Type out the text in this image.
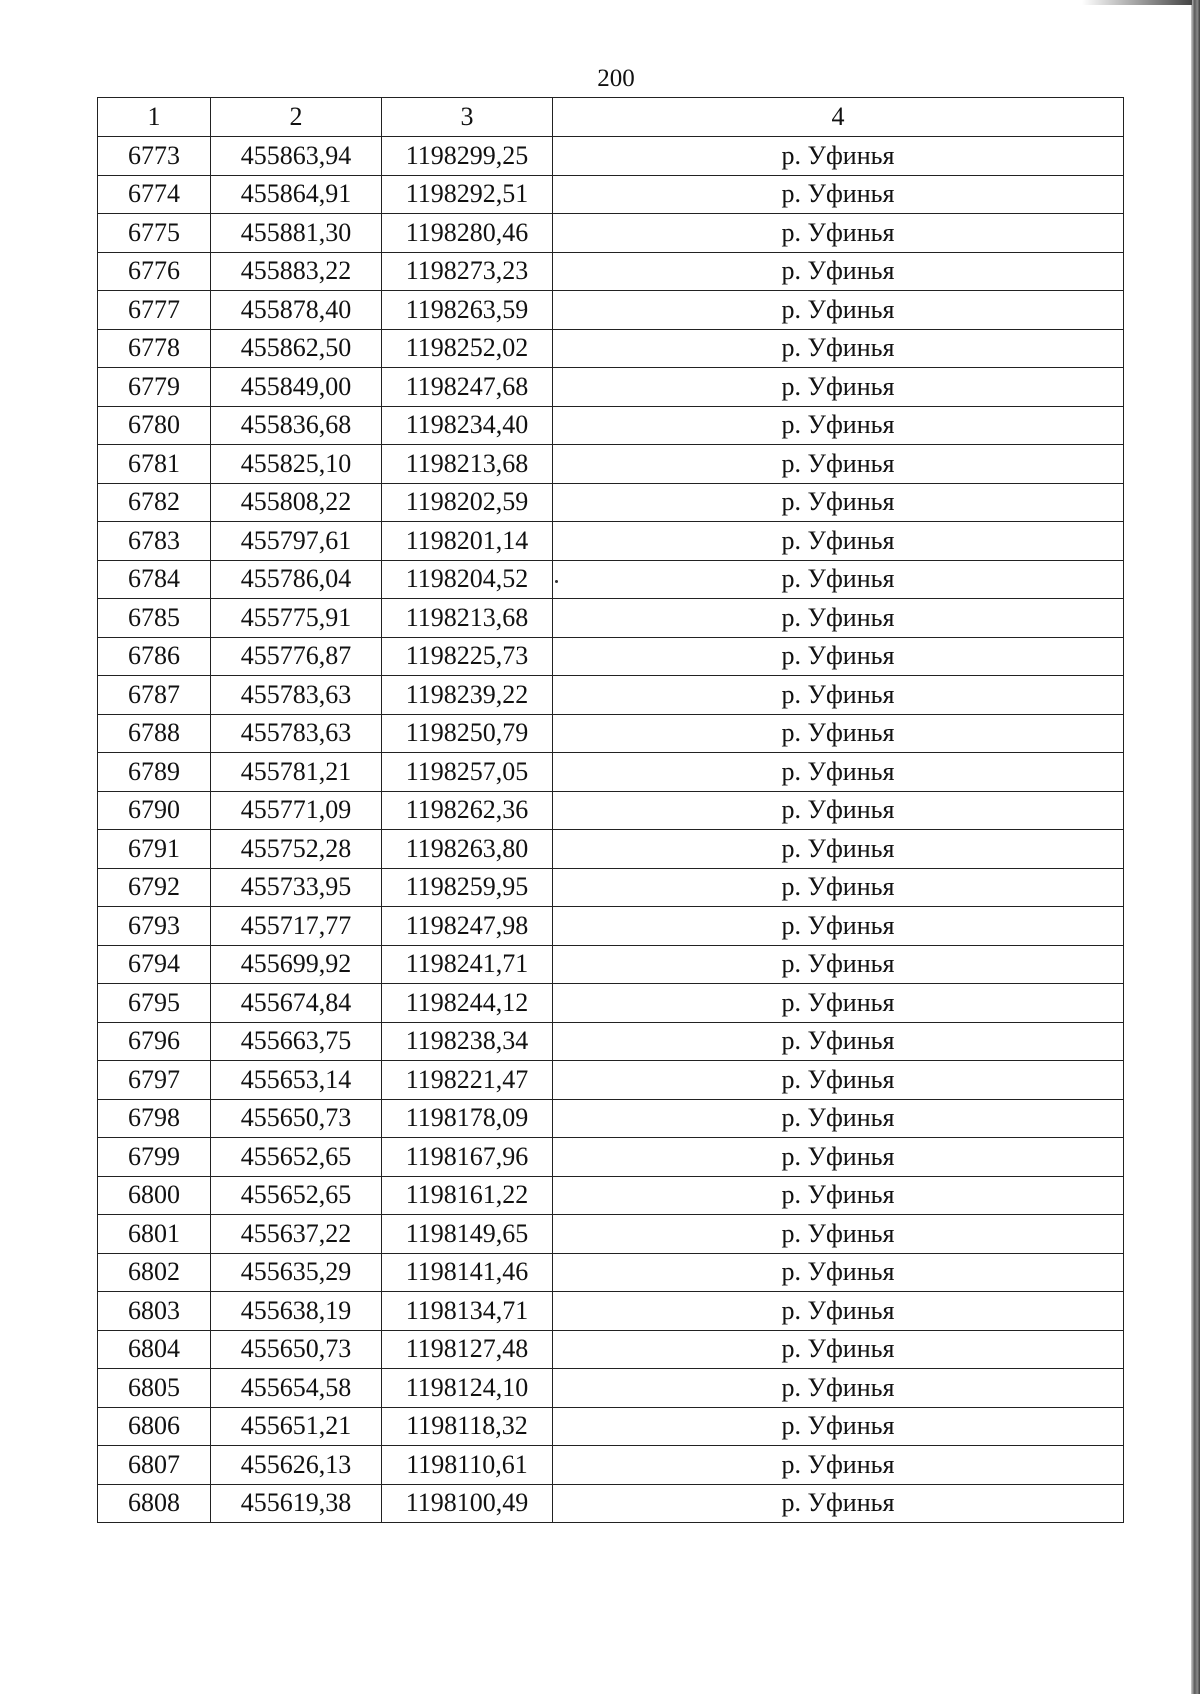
200
1	2	3	4
6773	455863,94	1198299,25	р. Уфинья
6774	455864,91	1198292,51	р. Уфинья
6775	455881,30	1198280,46	р. Уфинья
6776	455883,22	1198273,23	р. Уфинья
6777	455878,40	1198263,59	р. Уфинья
6778	455862,50	1198252,02	р. Уфинья
6779	455849,00	1198247,68	р. Уфинья
6780	455836,68	1198234,40	р. Уфинья
6781	455825,10	1198213,68	р. Уфинья
6782	455808,22	1198202,59	р. Уфинья
6783	455797,61	1198201,14	р. Уфинья
6784	455786,04	1198204,52	р. Уфинья
6785	455775,91	1198213,68	р. Уфинья
6786	455776,87	1198225,73	р. Уфинья
6787	455783,63	1198239,22	р. Уфинья
6788	455783,63	1198250,79	р. Уфинья
6789	455781,21	1198257,05	р. Уфинья
6790	455771,09	1198262,36	р. Уфинья
6791	455752,28	1198263,80	р. Уфинья
6792	455733,95	1198259,95	р. Уфинья
6793	455717,77	1198247,98	р. Уфинья
6794	455699,92	1198241,71	р. Уфинья
6795	455674,84	1198244,12	р. Уфинья
6796	455663,75	1198238,34	р. Уфинья
6797	455653,14	1198221,47	р. Уфинья
6798	455650,73	1198178,09	р. Уфинья
6799	455652,65	1198167,96	р. Уфинья
6800	455652,65	1198161,22	р. Уфинья
6801	455637,22	1198149,65	р. Уфинья
6802	455635,29	1198141,46	р. Уфинья
6803	455638,19	1198134,71	р. Уфинья
6804	455650,73	1198127,48	р. Уфинья
6805	455654,58	1198124,10	р. Уфинья
6806	455651,21	1198118,32	р. Уфинья
6807	455626,13	1198110,61	р. Уфинья
6808	455619,38	1198100,49	р. Уфинья
